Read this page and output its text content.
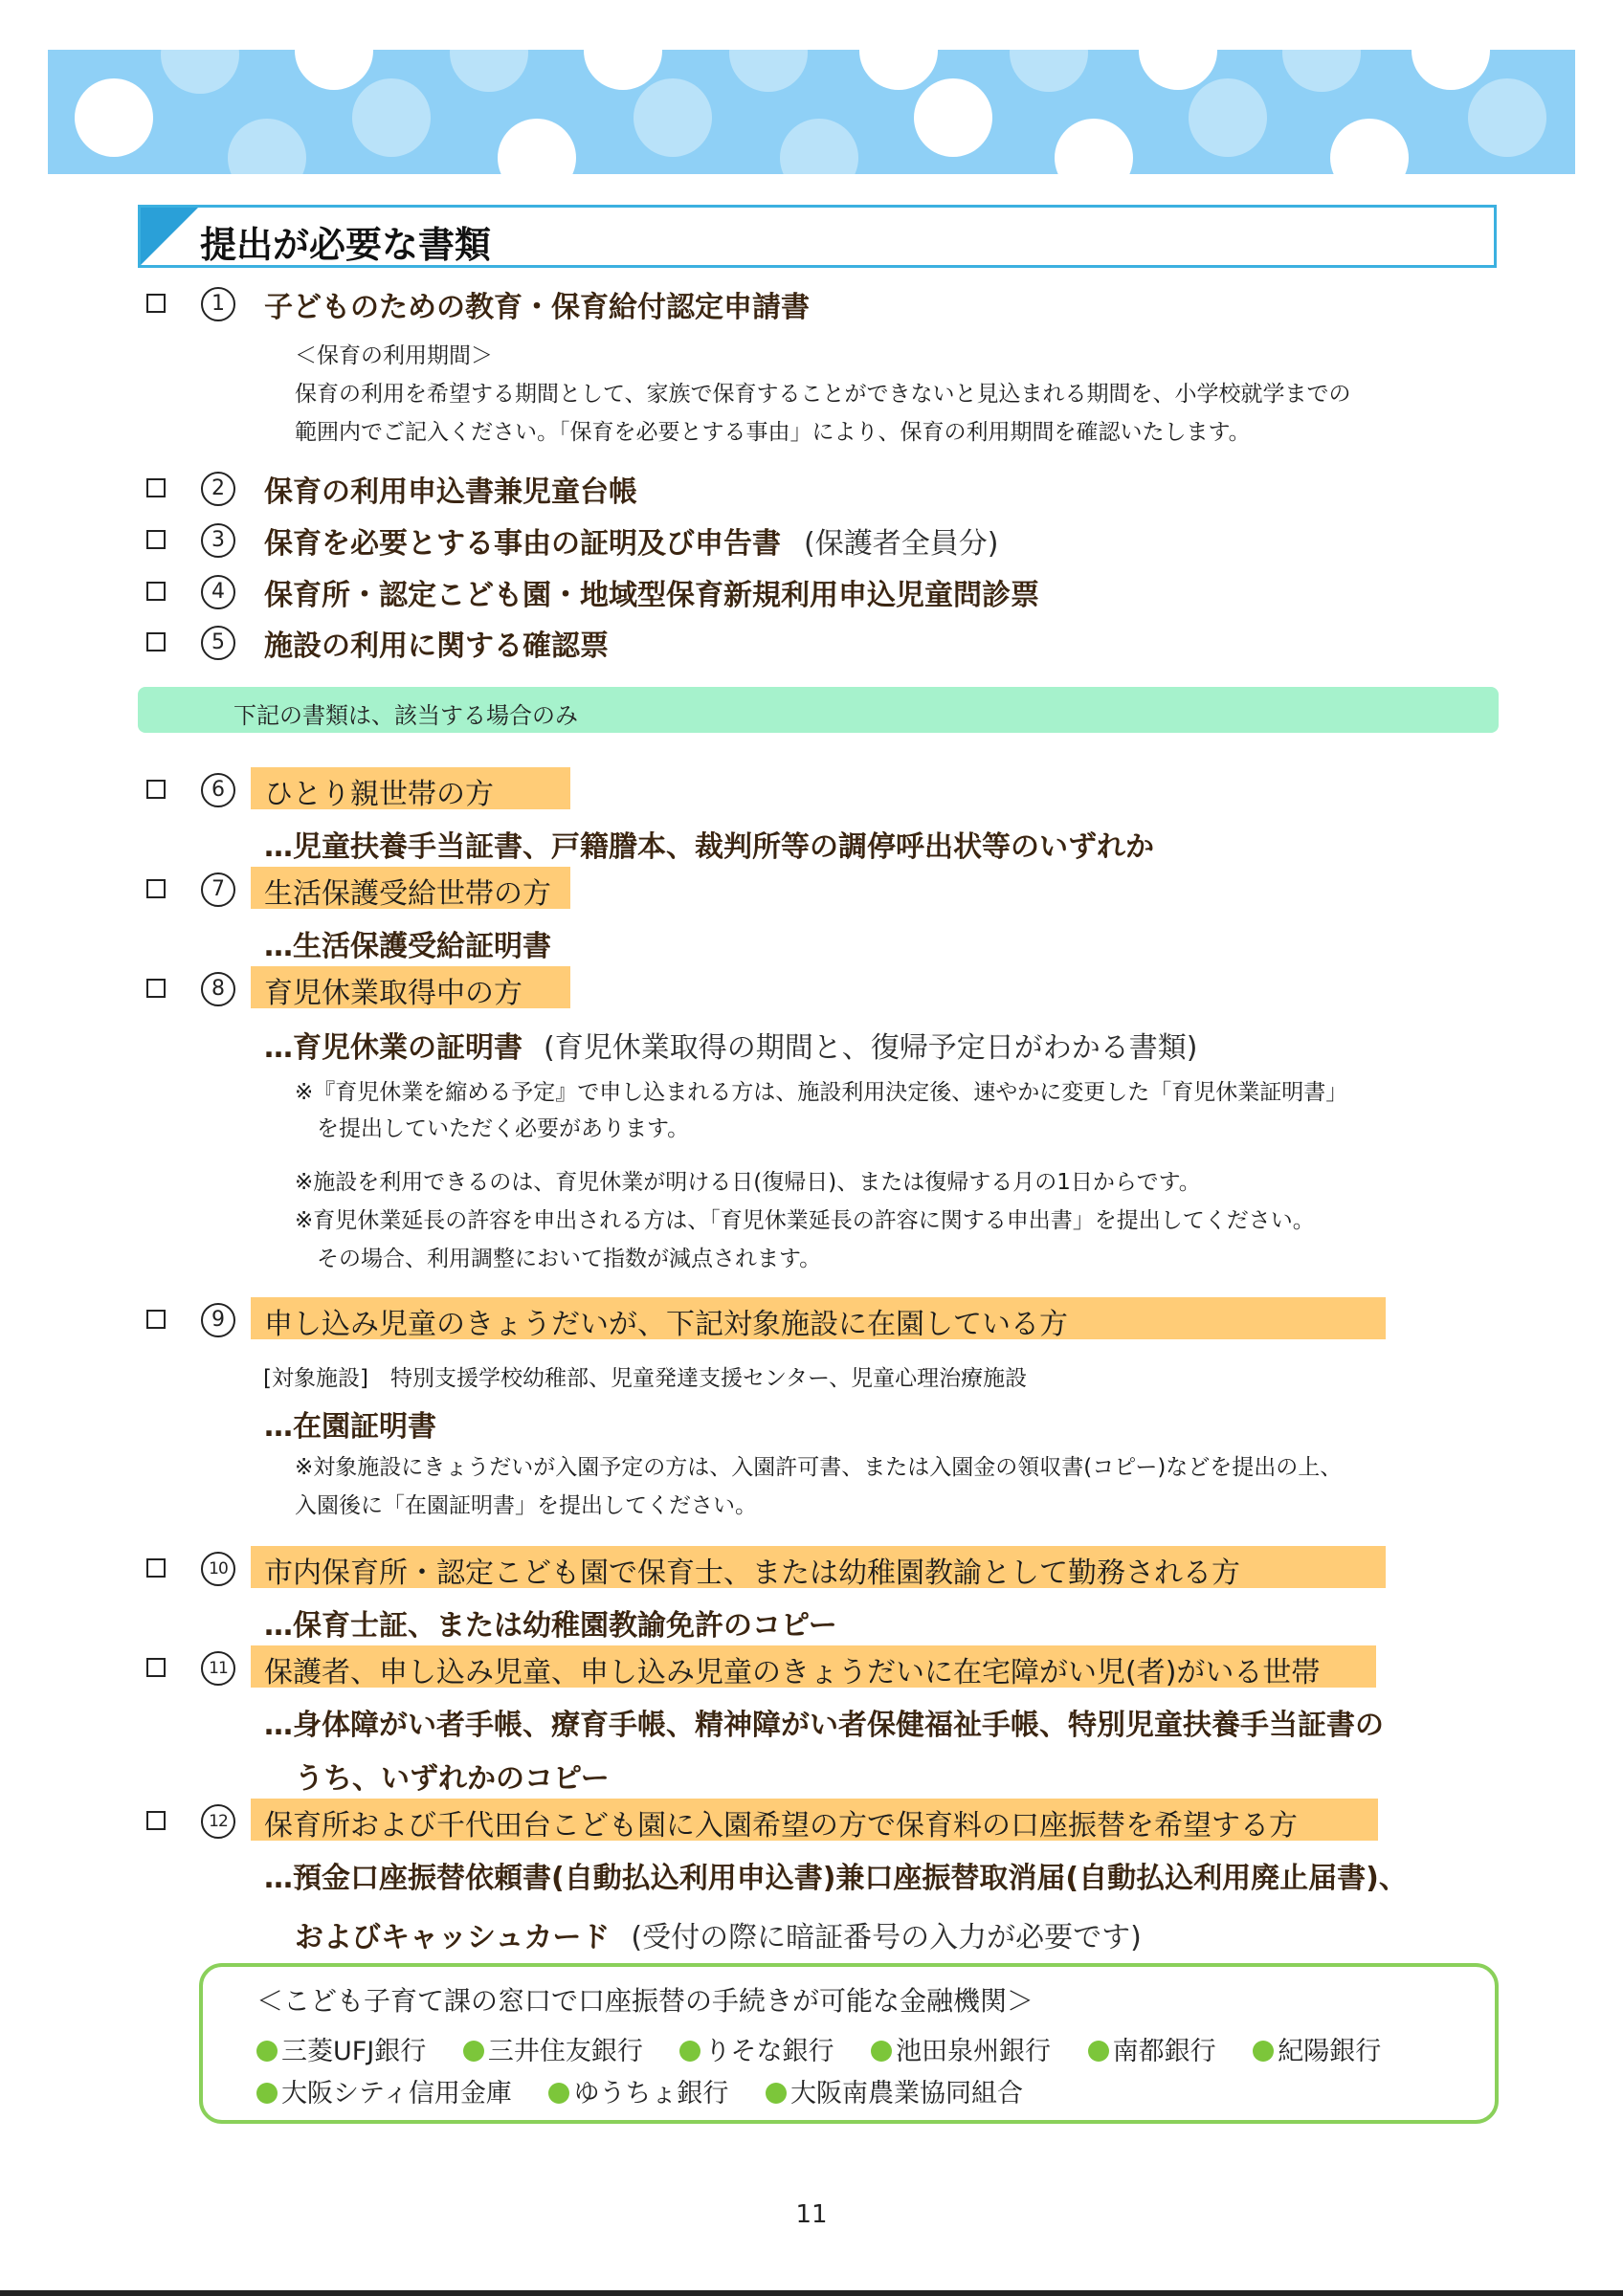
提出が必要な書類
1	子どものための教育・保育給付認定申請書
＜保育の利用期間＞
保育の利用を希望する期間として、家族で保育することができないと見込まれる期間を、小学校就学までの
範囲内でご記入ください。「保育を必要とする事由」により、保育の利用期間を確認いたします。
2	保育の利用申込書兼児童台帳
3	保育を必要とする事由の証明及び申告書 (保護者全員分)
4	保育所・認定こども園・地域型保育新規利用申込児童問診票
5	施設の利用に関する確認票
下記の書類は、該当する場合のみ
6	ひとり親世帯の方
…児童扶養手当証書、戸籍謄本、裁判所等の調停呼出状等のいずれか
7	生活保護受給世帯の方
…生活保護受給証明書
8	育児休業取得中の方
…育児休業の証明書 (育児休業取得の期間と、復帰予定日がわかる書類)
※『育児休業を縮める予定』で申し込まれる方は、施設利用決定後、速やかに変更した「育児休業証明書」
　を提出していただく必要があります。
※施設を利用できるのは、育児休業が明ける日(復帰日)、または復帰する月の1日からです。
※育児休業延長の許容を申出される方は、「育児休業延長の許容に関する申出書」を提出してください。
　その場合、利用調整において指数が減点されます。
9	申し込み児童のきょうだいが、下記対象施設に在園している方
[対象施設]　特別支援学校幼稚部、児童発達支援センター、児童心理治療施設
…在園証明書
※対象施設にきょうだいが入園予定の方は、入園許可書、または入園金の領収書(コピー)などを提出の上、
入園後に「在園証明書」を提出してください。
10 市内保育所・認定こども園で保育士、または幼稚園教諭として勤務される方
…保育士証、または幼稚園教諭免許のコピー
11 保護者、申し込み児童、申し込み児童のきょうだいに在宅障がい児(者)がいる世帯
…身体障がい者手帳、療育手帳、精神障がい者保健福祉手帳、特別児童扶養手当証書の
うち、いずれかのコピー
12 保育所および千代田台こども園に入園希望の方で保育料の口座振替を希望する方
…預金口座振替依頼書(自動払込利用申込書)兼口座振替取消届(自動払込利用廃止届書)、
およびキャッシュカード (受付の際に暗証番号の入力が必要です)
＜こども子育て課の窓口で口座振替の手続きが可能な金融機関＞
三菱UFJ銀行 三井住友銀行 りそな銀行 池田泉州銀行 南都銀行 紀陽銀行
大阪シティ信用金庫 ゆうちょ銀行 大阪南農業協同組合
11
